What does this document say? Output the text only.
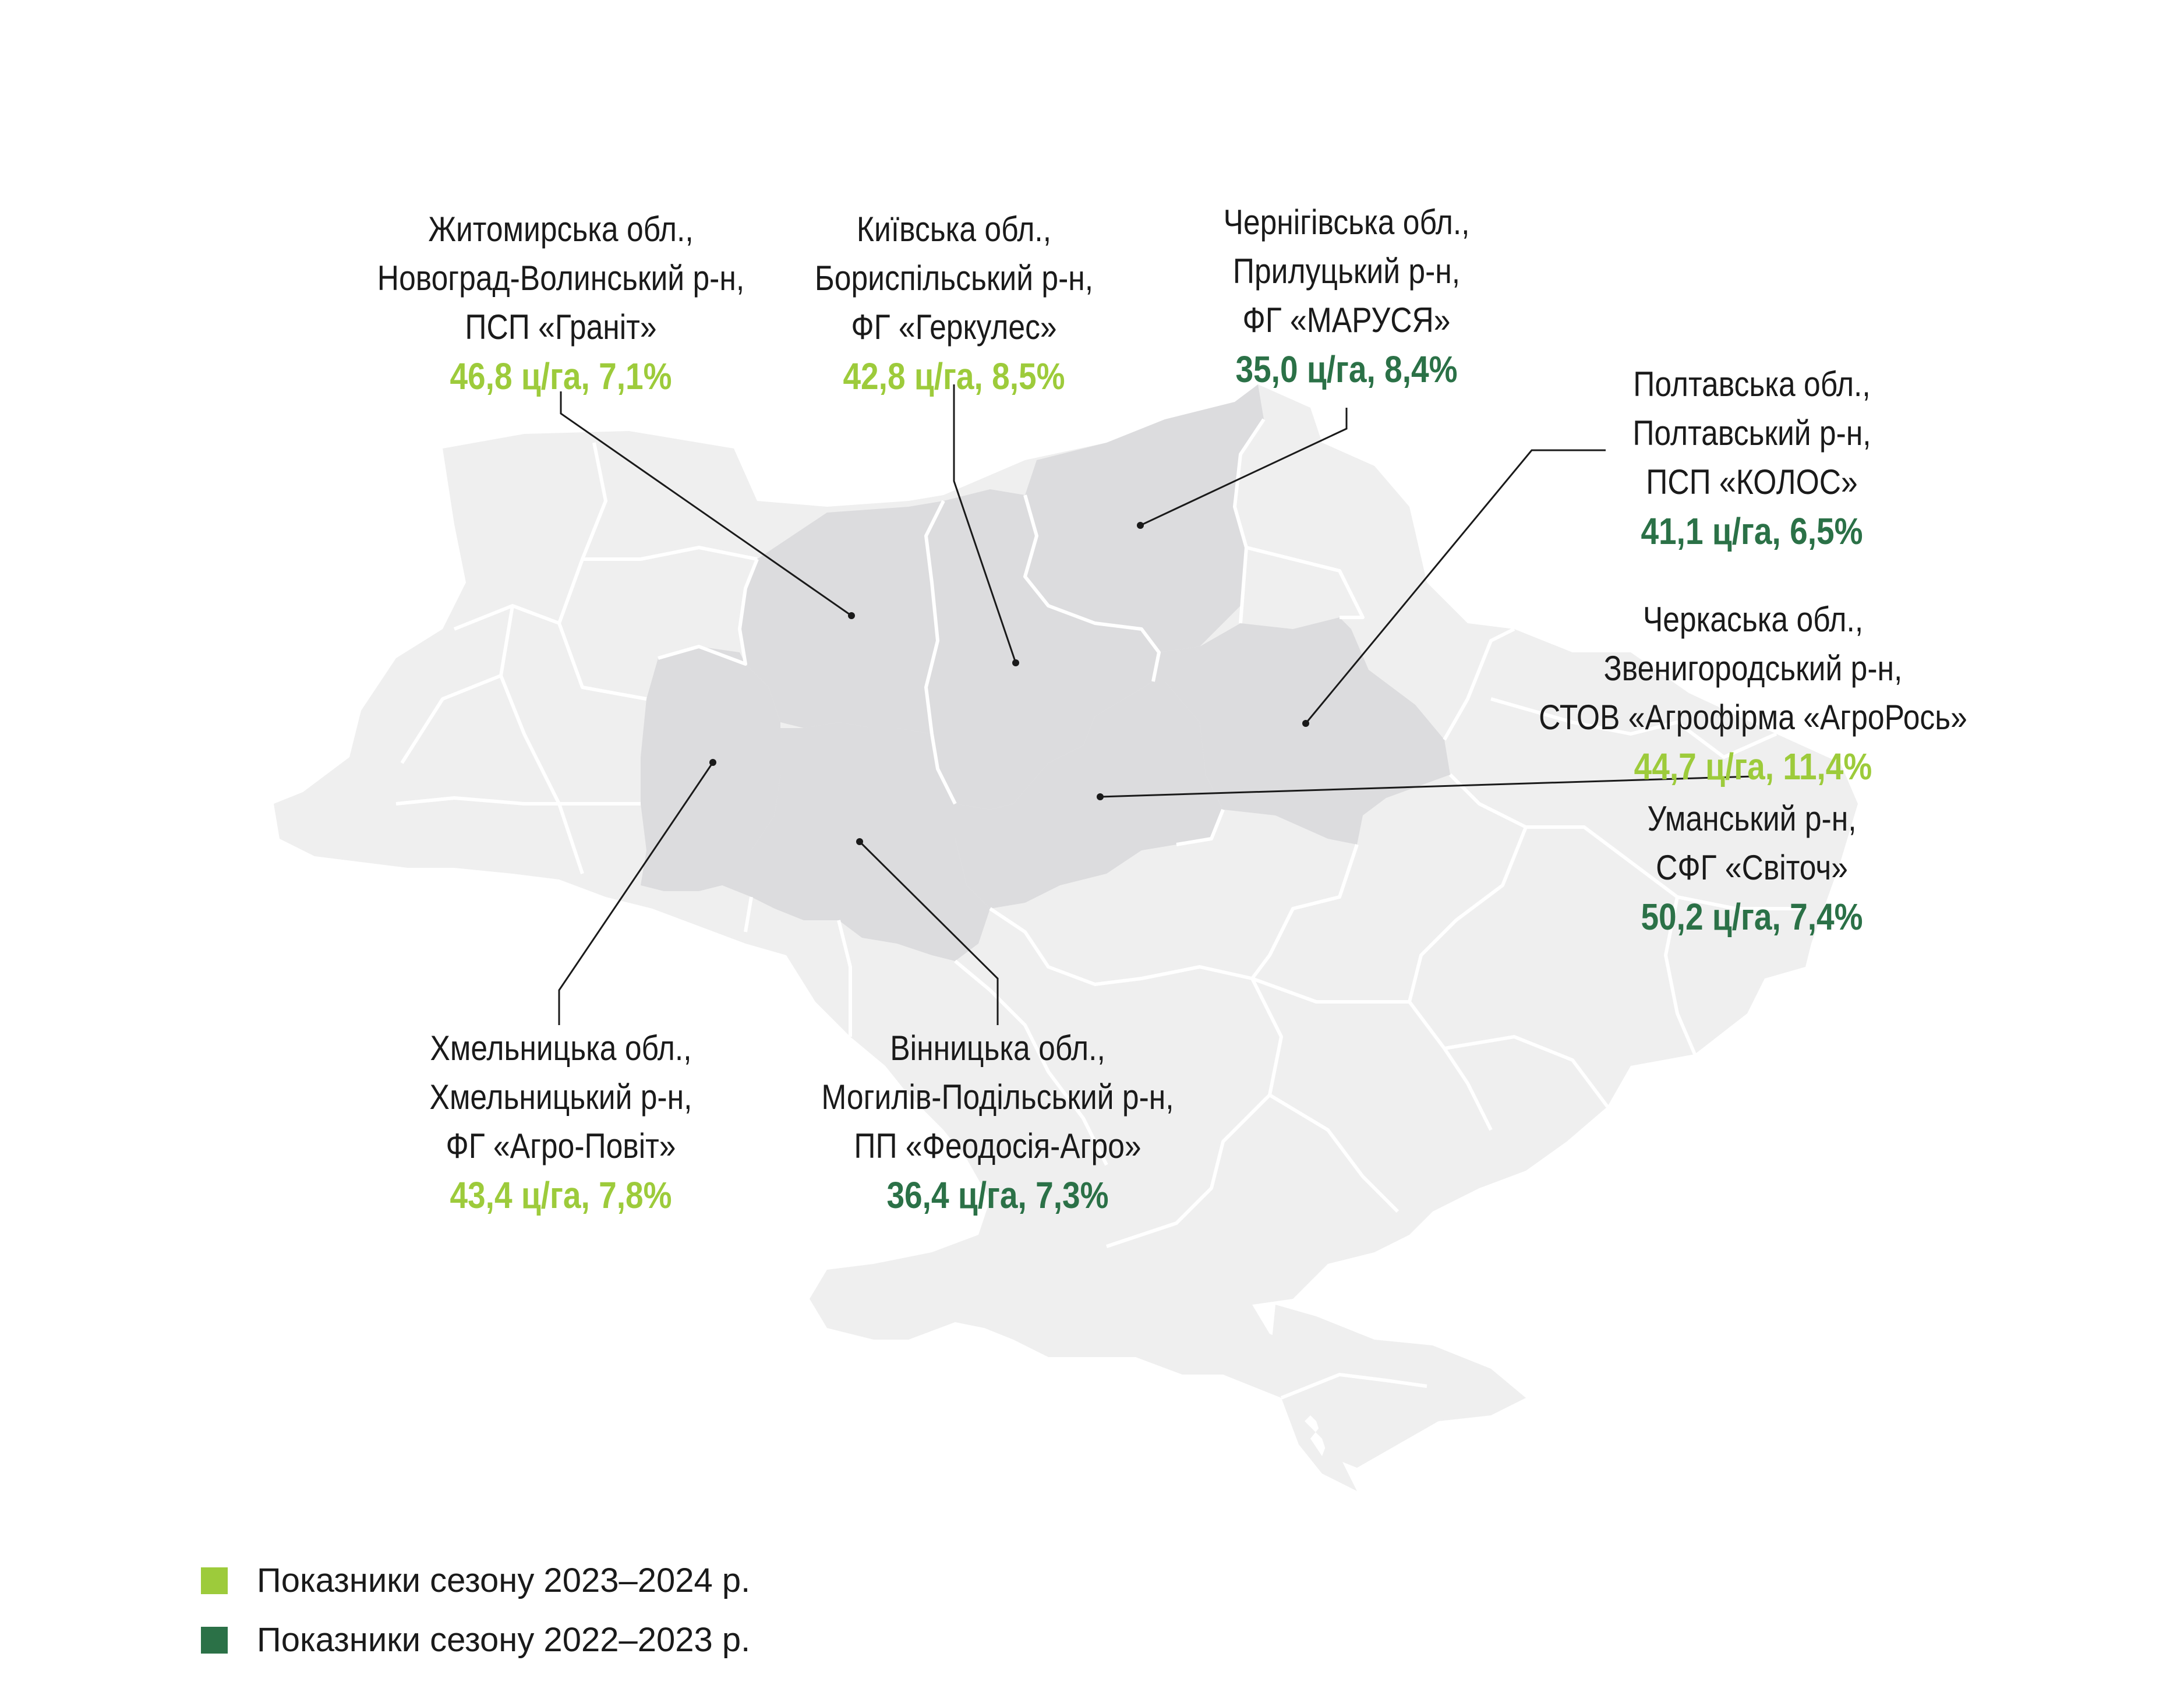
Житомирська обл.,
Новоград-Волинський р-н,
ПСП «Граніт»
46,8 ц/га, 7,1%
Київська обл.,
Бориспільський р-н,
ФГ «Геркулес»
42,8 ц/га, 8,5%
Чернігівська обл.,
Прилуцький р-н,
ФГ «МАРУСЯ»
35,0 ц/га, 8,4%	Полтавська обл.,
Полтавський р-н,
ПСП «КОЛОС»
41,1 ц/га, 6,5%
Черкаська обл.,
Звенигородський р-н,
СТОВ «Агрофірма «АгроРось»
44,7 ц/га, 11,4%
Уманський р-н,
СФГ «Світоч»
50,2 ц/га, 7,4%
Хмельницька обл.,
Хмельницький р-н,
ФГ «Агро-Повіт»
43,4 ц/га, 7,8%
Вінницька обл.,
Могилів-Подільський р-н,
ПП «Феодосія-Агро»
36,4 ц/га, 7,3%
Показники сезону 2023–2024 р.
Показники сезону 2022–2023 р.
